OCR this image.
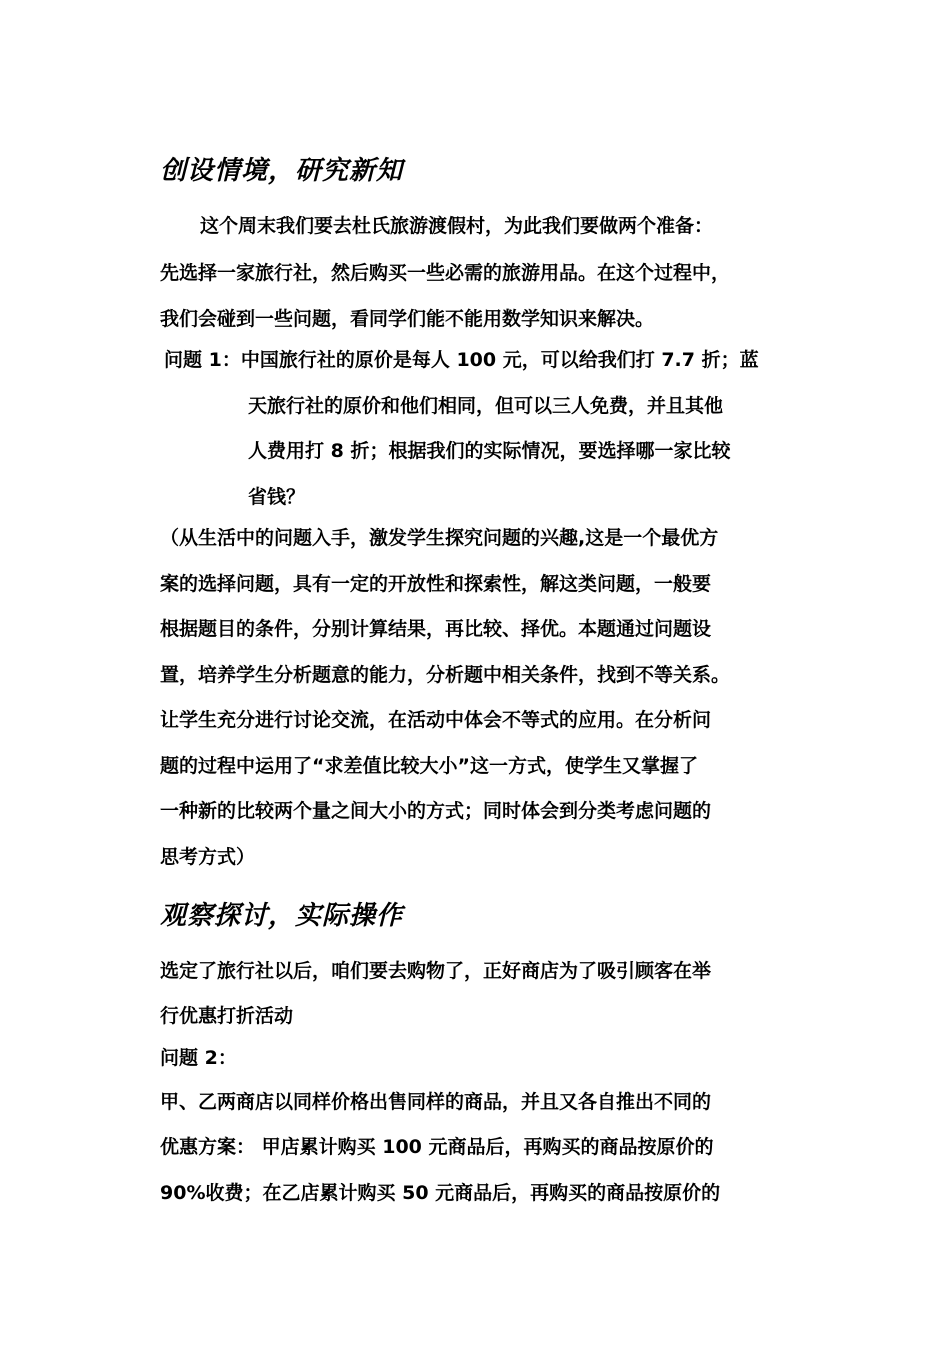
创设情境，研究新知
这个周末我们要去杜氏旅游渡假村，为此我们要做两个准备：
先选择一家旅行社，然后购买一些必需的旅游用品。在这个过程中，
我们会碰到一些问题，看同学们能不能用数学知识来解决。
问题 1：中国旅行社的原价是每人 100 元，可以给我们打 7.7 折；蓝
天旅行社的原价和他们相同，但可以三人免费，并且其他
人费用打 8 折；根据我们的实际情况，要选择哪一家比较
省钱？
（从生活中的问题入手，激发学生探究问题的兴趣,这是一个最优方
案的选择问题，具有一定的开放性和探索性，解这类问题，一般要
根据题目的条件，分别计算结果，再比较、择优。本题通过问题设
置，培养学生分析题意的能力，分析题中相关条件，找到不等关系。
让学生充分进行讨论交流，在活动中体会不等式的应用。在分析问
题的过程中运用了“求差值比较大小”这一方式，使学生又掌握了
一种新的比较两个量之间大小的方式；同时体会到分类考虑问题的
思考方式）
观察探讨，实际操作
选定了旅行社以后，咱们要去购物了，正好商店为了吸引顾客在举
行优惠打折活动
问题 2：
甲、乙两商店以同样价格出售同样的商品，并且又各自推出不同的
优惠方案： 甲店累计购买 100 元商品后，再购买的商品按原价的
90%收费；在乙店累计购买 50 元商品后，再购买的商品按原价的
